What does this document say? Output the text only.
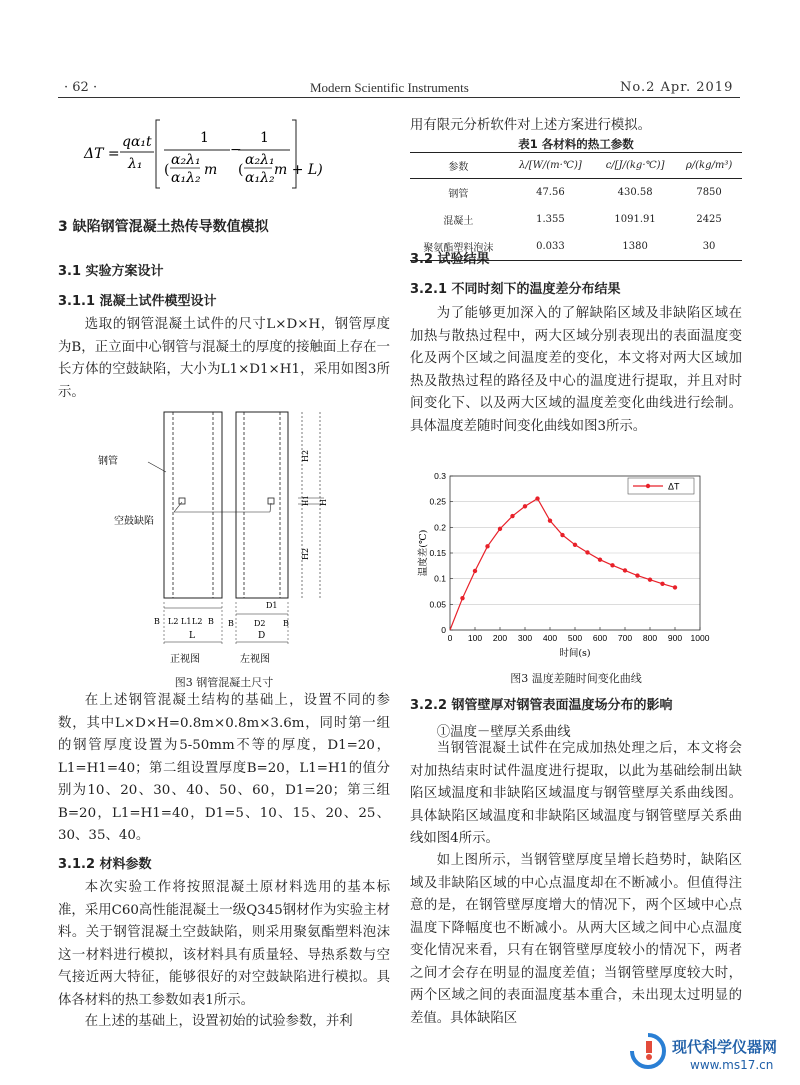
· 62 ·	Modern Scientific Instruments	No.2 Apr. 2019
ΔT =
qα₁t
λ₁
1
(
α₂λ₁
α₁λ₂ m
−
1
(
α₂λ₁
α₁λ₂ m + L)
3 缺陷钢管混凝土热传导数值模拟
3.1 实验方案设计
3.1.1 混凝土试件模型设计

选取的钢管混凝土试件的尺寸L×D×H，钢管厚度为B，正立面中心钢管与混凝土的厚度的接触面上存在一长方体的空鼓缺陷，大小为L1×D1×H1，采用如图3所示。

H2
H1 H
H2
钢管
空鼓缺陷
B L2 L1 L2 B
L
D1
B	D2 B
D
正视图	左视图
图3 钢管混凝土尺寸

在上述钢管混凝土结构的基础上，设置不同的参数，其中L×D×H=0.8m×0.8m×3.6m，同时第一组的钢管厚度设置为5-50mm不等的厚度，D1=20，L1=H1=40；第二组设置厚度B=20，L1=H1的值分别为10、20、30、40、50、60，D1=20；第三组B=20，L1=H1=40，D1=5、10、15、20、25、30、35、40。

3.1.2 材料参数

本次实验工作将按照混凝土原材料选用的基本标准，采用C60高性能混凝土一级Q345钢材作为实验主材料。关于钢管混凝土空鼓缺陷，则采用聚氨酯塑料泡沫这一材料进行模拟，该材料具有质量轻、导热系数与空气接近两大特征，能够很好的对空鼓缺陷进行模拟。具体各材料的热工参数如表1所示。

在上述的基础上，设置初始的试验参数，并利

用有限元分析软件对上述方案进行模拟。
表1 各材料的热工参数
参数	λ/[W/(m·℃)]	c/[J/(kg·℃)]	ρ/(kg/m³)
钢管	47.56	430.58	7850
混凝土	1.355	1091.91	2425
聚氨酯塑料泡沫	0.033	1380	30
3.2 试验结果
3.2.1 不同时刻下的温度差分布结果

为了能够更加深入的了解缺陷区域及非缺陷区域在加热与散热过程中，两大区域分别表现出的表面温度变化及两个区域之间温度差的变化，本文将对两大区域加热及散热过程的路径及中心的温度进行提取，并且对时间变化下、以及两大区域的温度差变化曲线进行绘制。具体温度差随时间变化曲线如图3所示。

0
0.05
0.1
0.15
0.2
0.25
0.3
0 100 200 300 400 500 600 700 800 900 1000
时间(s)
温度差(℃)
ΔT
图3 温度差随时间变化曲线
3.2.2 钢管壁厚对钢管表面温度场分布的影响
①温度－壁厚关系曲线

当钢管混凝土试件在完成加热处理之后，本文将会对加热结束时试件温度进行提取，以此为基础绘制出缺陷区域温度和非缺陷区域温度与钢管壁厚关系曲线图。具体缺陷区域温度和非缺陷区域温度与钢管壁厚关系曲线如图4所示。

如上图所示，当钢管壁厚度呈增长趋势时，缺陷区域及非缺陷区域的中心点温度却在不断减小。但值得注意的是，在钢管壁厚度增大的情况下，两个区域中心点温度下降幅度也不断减小。从两大区域之间中心点温度变化情况来看，只有在钢管壁厚度较小的情况下，两者之间才会存在明显的温度差值；当钢管壁厚度较大时，两个区域之间的表面温度基本重合，未出现太过明显的差值。具体缺陷区

现代科学仪器网
www.ms17.cn
